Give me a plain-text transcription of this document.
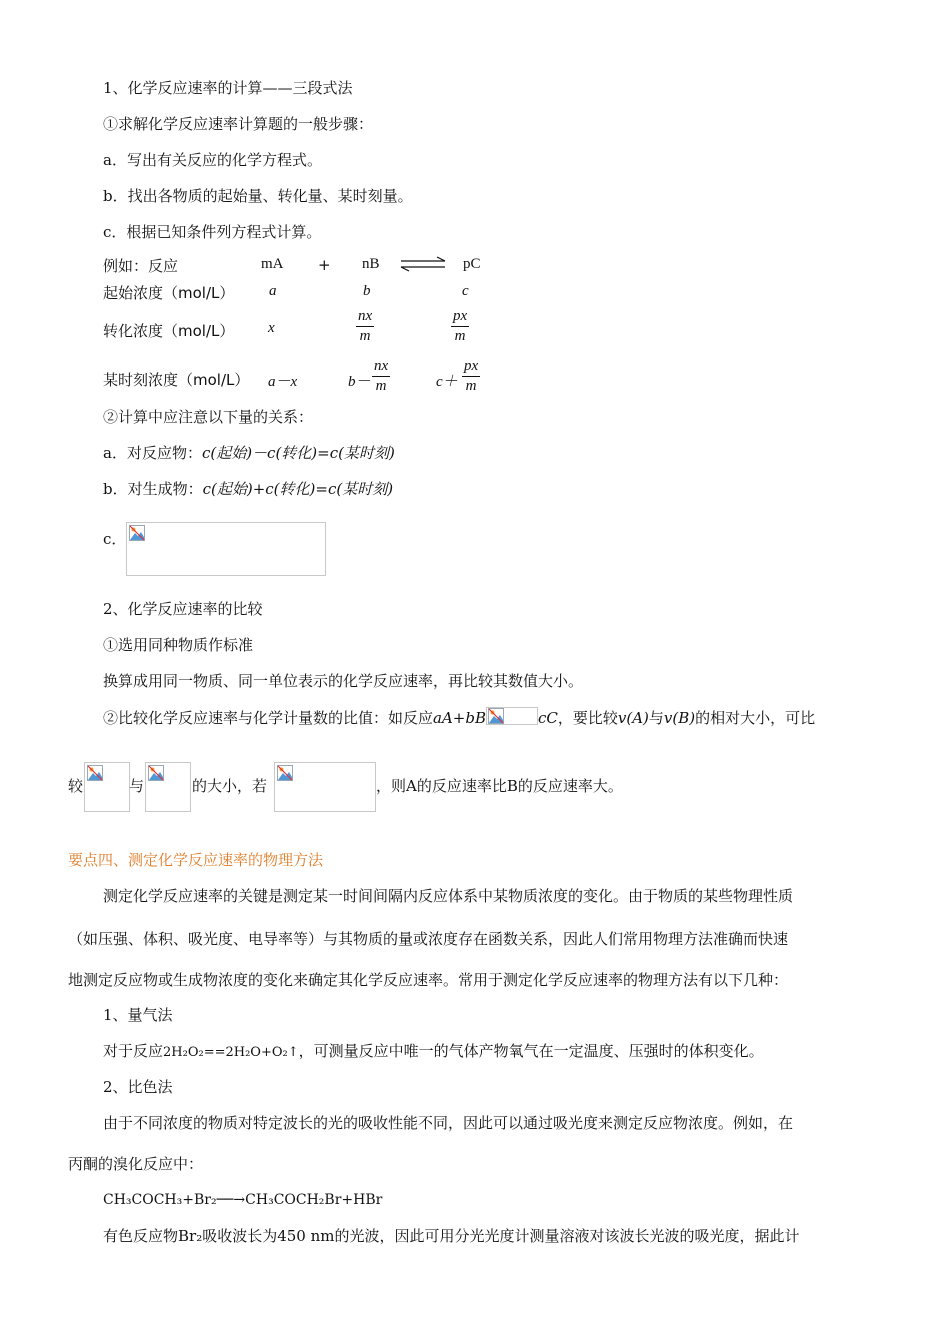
1、化学反应速率的计算——三段式法
①求解化学反应速率计算题的一般步骤：
a．写出有关反应的化学方程式。
b．找出各物质的起始量、转化量、某时刻量。
c．根据已知条件列方程式计算。
例如：反应	mA + nB ⇌ pC
起始浓度（mol/L） a	b	c
转化浓度（mol/L） x	$\frac{nx}{m}$	$\frac{px}{m}$
某时刻浓度（mol/L） a－x	$b- \frac{nx}{m}$	$c+ \frac{px}{m}$
②计算中应注意以下量的关系：
a．对反应物：c(起始)－c(转化)=c(某时刻)
b．对生成物：c(起始)+c(转化)=c(某时刻)
c．
2、化学反应速率的比较
①选用同种物质作标准
换算成用同一物质、同一单位表示的化学反应速率，再比较其数值大小。
②比较化学反应速率与化学计量数的比值：如反应aA+bB	cC，要比较v(A)与v(B)的相对大小，可比
较	与	的大小，若	，则A的反应速率比B的反应速率大。
要点四、测定化学反应速率的物理方法
测定化学反应速率的关键是测定某一时间间隔内反应体系中某物质浓度的变化。由于物质的某些物理性质
（如压强、体积、吸光度、电导率等）与其物质的量或浓度存在函数关系，因此人们常用物理方法准确而快速
地测定反应物或生成物浓度的变化来确定其化学反应速率。常用于测定化学反应速率的物理方法有以下几种：
1、量气法
对于反应2H₂O₂==2H₂O+O₂↑，可测量反应中唯一的气体产物氧气在一定温度、压强时的体积变化。
2、比色法
由于不同浓度的物质对特定波长的光的吸收性能不同，因此可以通过吸光度来测定反应物浓度。例如，在
丙酮的溴化反应中：
CH₃COCH₃+Br₂──→CH₃COCH₂Br+HBr
有色反应物Br₂吸收波长为450 nm的光波，因此可用分光光度计测量溶液对该波长光波的吸光度，据此计
